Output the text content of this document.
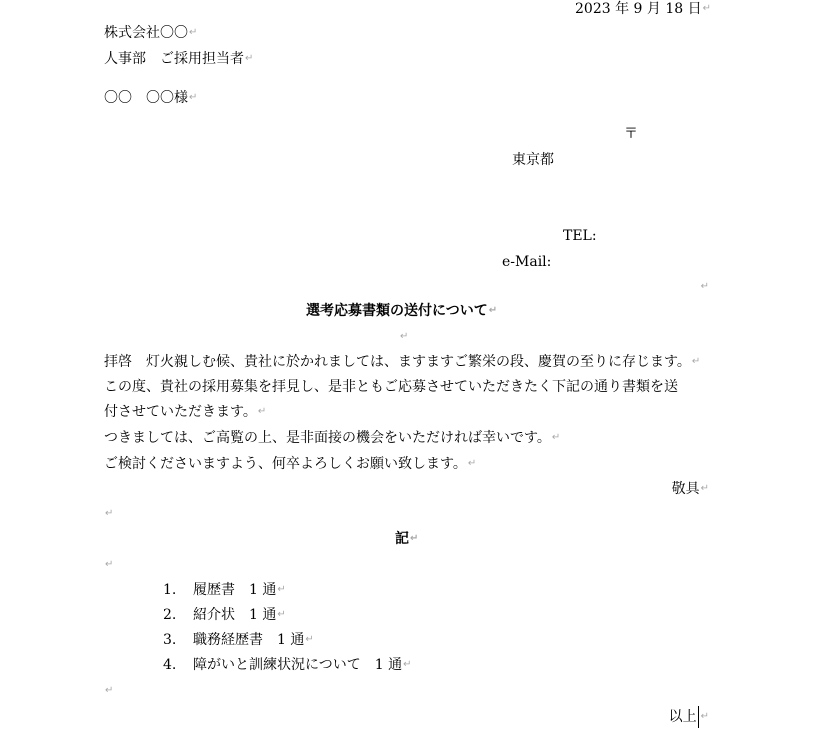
2023 年 9 月 18 日↵
株式会社〇〇↵
人事部　ご採用担当者↵
〇〇　〇〇様↵
〒
東京都
TEL:
e-Mail:
↵
選考応募書類の送付について↵
↵
拝啓　灯火親しむ候、貴社に於かれましては、ますますご繁栄の段、慶賀の至りに存じます。↵
この度、貴社の採用募集を拝見し、是非ともご応募させていただきたく下記の通り書類を送
付させていただきます。↵
つきましては、ご高覧の上、是非面接の機会をいただければ幸いです。↵
ご検討くださいますよう、何卒よろしくお願い致します。↵
敬具↵
↵
記↵
↵
1. 履歴書　1 通↵
2. 紹介状　1 通↵
3. 職務経歴書　1 通↵
4. 障がいと訓練状況について　1 通↵
↵
以上 ↵
